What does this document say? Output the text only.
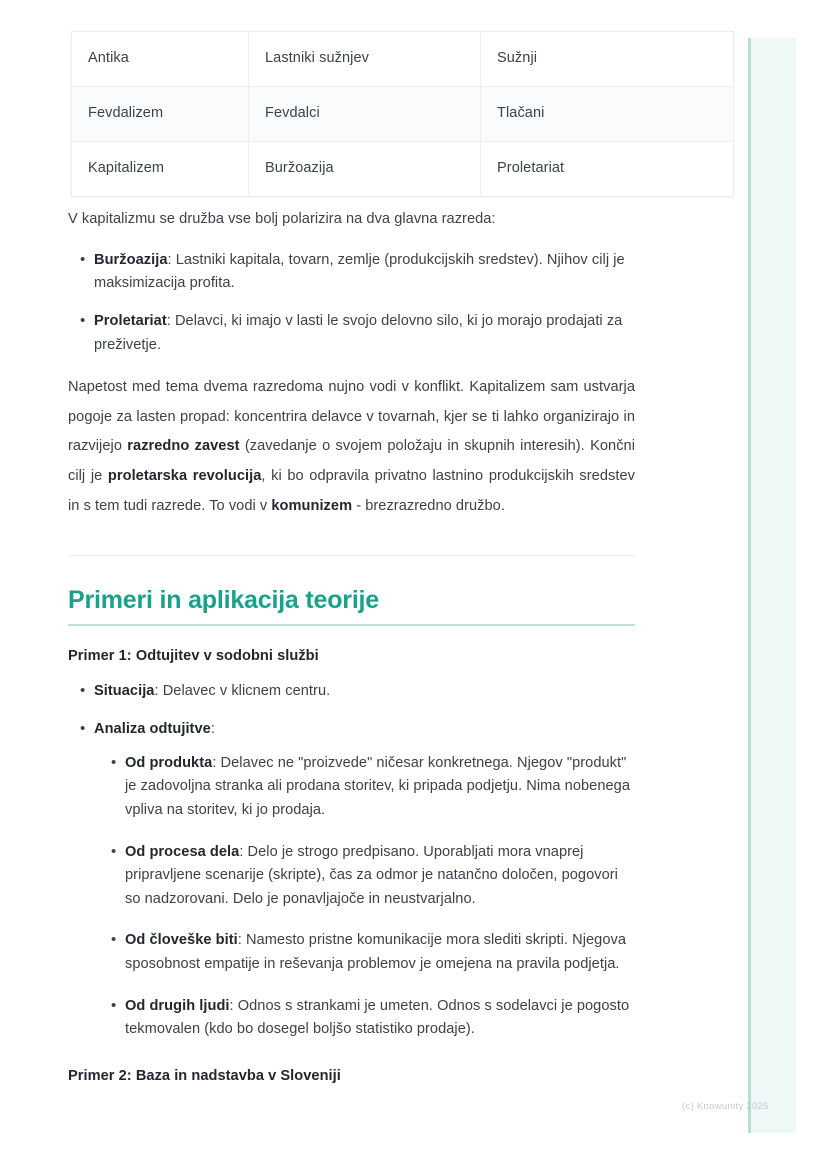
Antika	Lastniki sužnjev	Sužnji
Fevdalizem	Fevdalci	Tlačani
Kapitalizem	Buržoazija	Proletariat

V kapitalizmu se družba vse bolj polarizira na dva glavna razreda:

• Buržoazija: Lastniki kapitala, tovarn, zemlje (produkcijskih sredstev). Njihov cilj je maksimizacija profita.
• Proletariat: Delavci, ki imajo v lasti le svojo delovno silo, ki jo morajo prodajati za preživetje.

Napetost med tema dvema razredoma nujno vodi v konflikt. Kapitalizem sam ustvarja pogoje za lasten propad: koncentrira delavce v tovarnah, kjer se ti lahko organizirajo in razvijejo razredno zavest (zavedanje o svojem položaju in skupnih interesih). Končni cilj je proletarska revolucija, ki bo odpravila privatno lastnino produkcijskih sredstev in s tem tudi razrede. To vodi v komunizem - brezrazredno družbo.

Primeri in aplikacija teorije
Primer 1: Odtujitev v sodobni službi
• Situacija: Delavec v klicnem centru.
• Analiza odtujitve:
• Od produkta: Delavec ne "proizvede" ničesar konkretnega. Njegov "produkt" je zadovoljna stranka ali prodana storitev, ki pripada podjetju. Nima nobenega vpliva na storitev, ki jo prodaja.
• Od procesa dela: Delo je strogo predpisano. Uporabljati mora vnaprej pripravljene scenarije (skripte), čas za odmor je natančno določen, pogovori so nadzorovani. Delo je ponavljajoče in neustvarjalno.
• Od človeške biti: Namesto pristne komunikacije mora slediti skripti. Njegova sposobnost empatije in reševanja problemov je omejena na pravila podjetja.
• Od drugih ljudi: Odnos s strankami je umeten. Odnos s sodelavci je pogosto tekmovalen (kdo bo dosegel boljšo statistiko prodaje).
Primer 2: Baza in nadstavba v Sloveniji
(c) Knowunity 2025
